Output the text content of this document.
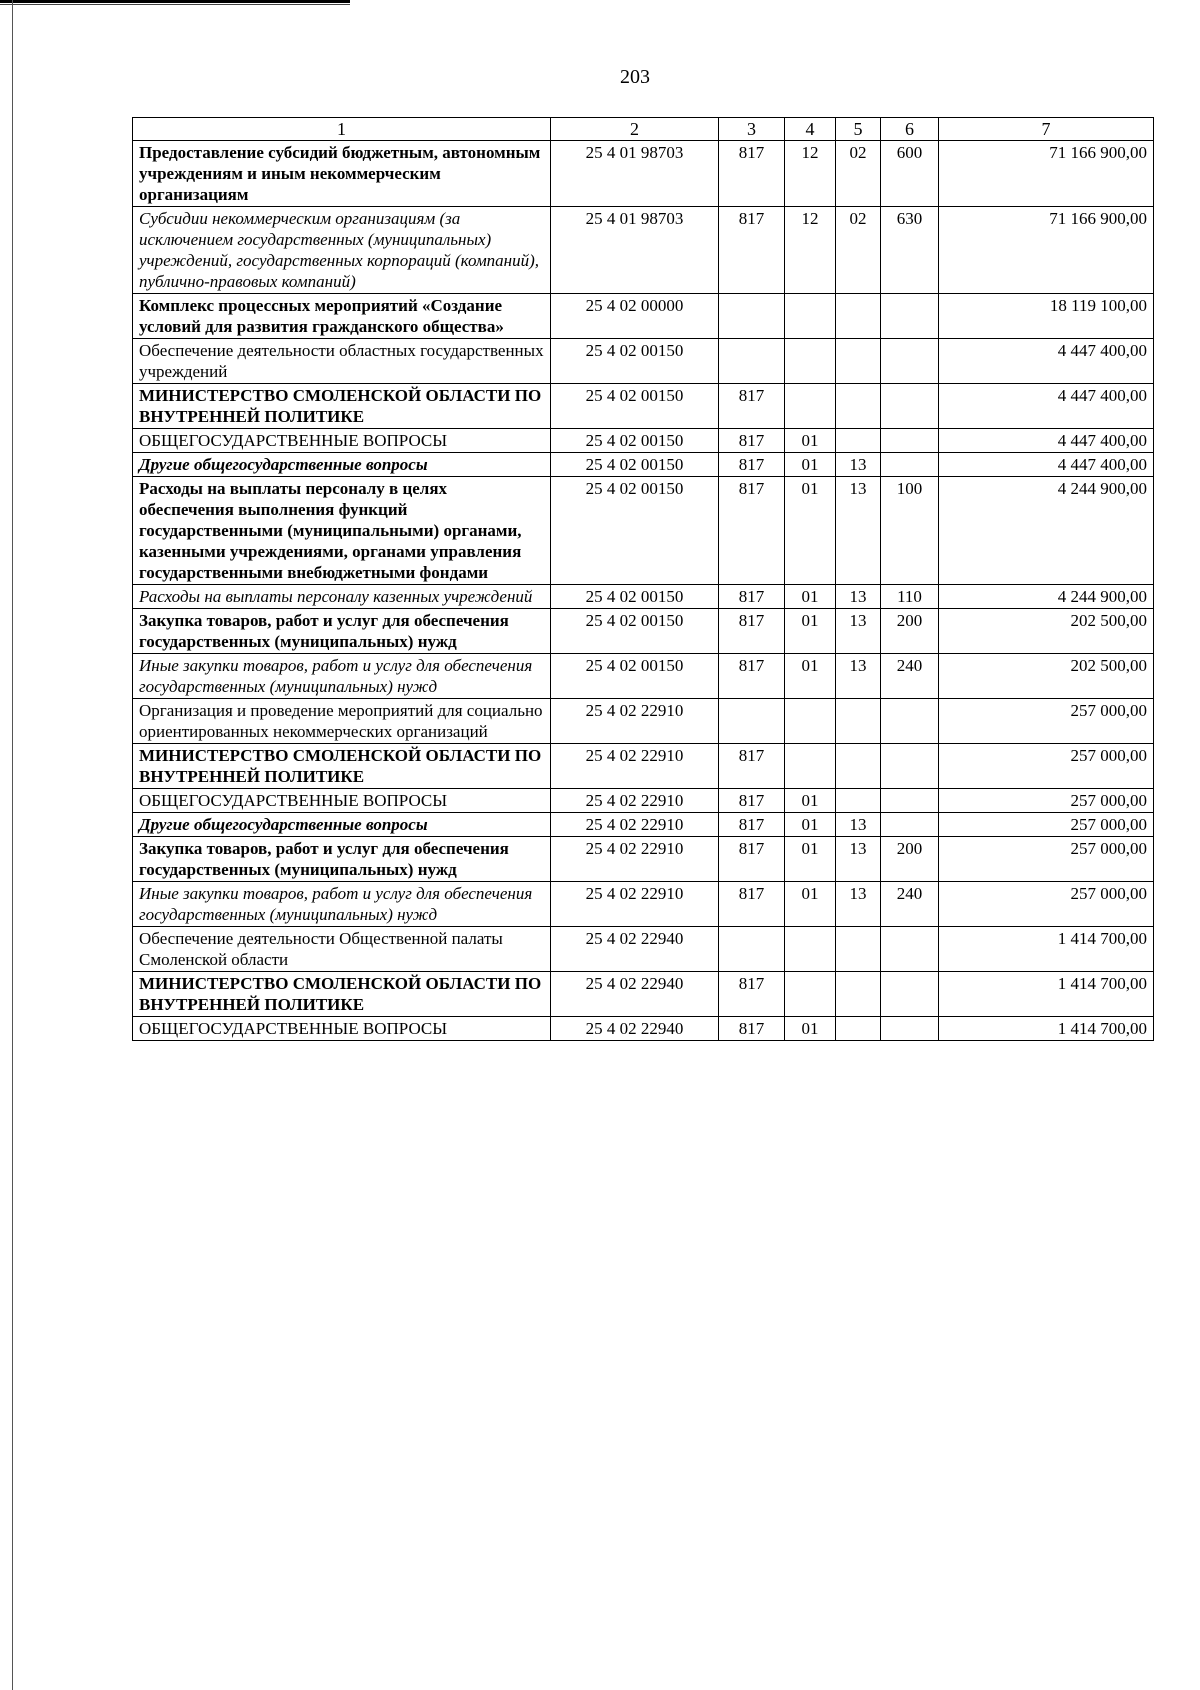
203
1	2	3	4	5	6	7
Предоставление субсидий бюджетным, автономным учреждениям и иным некоммерческим организациям	25 4 01 98703	817	12	02	600	71 166 900,00
Субсидии некоммерческим организациям (за исключением государственных (муниципальных) учреждений, государственных корпораций (компаний), публично-правовых компаний)	25 4 01 98703	817	12	02	630	71 166 900,00
Комплекс процессных мероприятий «Создание условий для развития гражданского общества»	25 4 02 00000					18 119 100,00
Обеспечение деятельности областных государственных учреждений	25 4 02 00150					4 447 400,00
МИНИСТЕРСТВО СМОЛЕНСКОЙ ОБЛАСТИ ПО ВНУТРЕННЕЙ ПОЛИТИКЕ	25 4 02 00150	817				4 447 400,00
ОБЩЕГОСУДАРСТВЕННЫЕ ВОПРОСЫ	25 4 02 00150	817	01			4 447 400,00
Другие общегосударственные вопросы	25 4 02 00150	817	01	13		4 447 400,00
Расходы на выплаты персоналу в целях обеспечения выполнения функций государственными (муниципальными) органами, казенными учреждениями, органами управления государственными внебюджетными фондами	25 4 02 00150	817	01	13	100	4 244 900,00
Расходы на выплаты персоналу казенных учреждений	25 4 02 00150	817	01	13	110	4 244 900,00
Закупка товаров, работ и услуг для обеспечения государственных (муниципальных) нужд	25 4 02 00150	817	01	13	200	202 500,00
Иные закупки товаров, работ и услуг для обеспечения государственных (муниципальных) нужд	25 4 02 00150	817	01	13	240	202 500,00
Организация и проведение мероприятий для социально ориентированных некоммерческих организаций	25 4 02 22910					257 000,00
МИНИСТЕРСТВО СМОЛЕНСКОЙ ОБЛАСТИ ПО ВНУТРЕННЕЙ ПОЛИТИКЕ	25 4 02 22910	817				257 000,00
ОБЩЕГОСУДАРСТВЕННЫЕ ВОПРОСЫ	25 4 02 22910	817	01			257 000,00
Другие общегосударственные вопросы	25 4 02 22910	817	01	13		257 000,00
Закупка товаров, работ и услуг для обеспечения государственных (муниципальных) нужд	25 4 02 22910	817	01	13	200	257 000,00
Иные закупки товаров, работ и услуг для обеспечения государственных (муниципальных) нужд	25 4 02 22910	817	01	13	240	257 000,00
Обеспечение деятельности Общественной палаты Смоленской области	25 4 02 22940					1 414 700,00
МИНИСТЕРСТВО СМОЛЕНСКОЙ ОБЛАСТИ ПО ВНУТРЕННЕЙ ПОЛИТИКЕ	25 4 02 22940	817				1 414 700,00
ОБЩЕГОСУДАРСТВЕННЫЕ ВОПРОСЫ	25 4 02 22940	817	01			1 414 700,00
